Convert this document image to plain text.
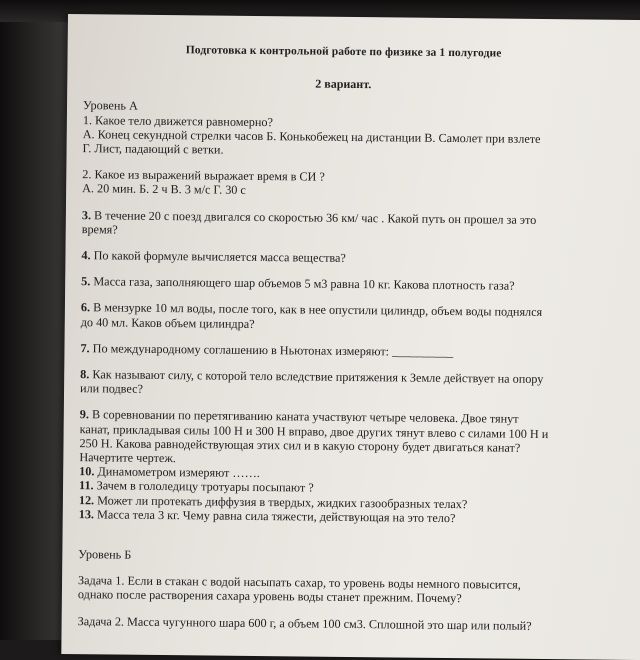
Подготовка к контрольной работе по физике за 1 полугодие
2 вариант.
Уровень А
1. Какое тело движется равномерно?
А. Конец секундной стрелки часов Б. Конькобежец на дистанции В. Самолет при взлете
Г. Лист, падающий с ветки.
2. Какое из выражений выражает время в СИ ?
А. 20 мин. Б. 2 ч В. 3 м/с Г. 30 с
3. В течение 20 с поезд двигался со скоростью 36 км/ час . Какой путь он прошел за это
время?
4. По какой формуле вычисляется масса вещества?
5. Масса газа, заполняющего шар объемов 5 м3 равна 10 кг. Какова плотность газа?
6. В мензурке 10 мл воды, после того, как в нее опустили цилиндр, объем воды поднялся
до 40 мл. Каков объем цилиндра?
7. По международному соглашению в Ньютонах измеряют: __________
8. Как называют силу, с которой тело вследствие притяжения к Земле действует на опору
или подвес?
9. В соревновании по перетягиванию каната участвуют четыре человека. Двое тянут
канат, прикладывая силы 100 Н и 300 Н вправо, двое других тянут влево с силами 100 Н и
250 Н. Какова равнодействующая этих сил и в какую сторону будет двигаться канат?
Начертите чертеж.
10. Динамометром измеряют …….
11. Зачем в гололедицу тротуары посыпают ?
12. Может ли протекать диффузия в твердых, жидких газообразных телах?
13. Масса тела 3 кг. Чему равна сила тяжести, действующая на это тело?
Уровень Б
Задача 1. Если в стакан с водой насыпать сахар, то уровень воды немного повысится,
однако после растворения сахара уровень воды станет прежним. Почему?
Задача 2. Масса чугунного шара 600 г, а объем 100 см3. Сплошной это шар или полый?
